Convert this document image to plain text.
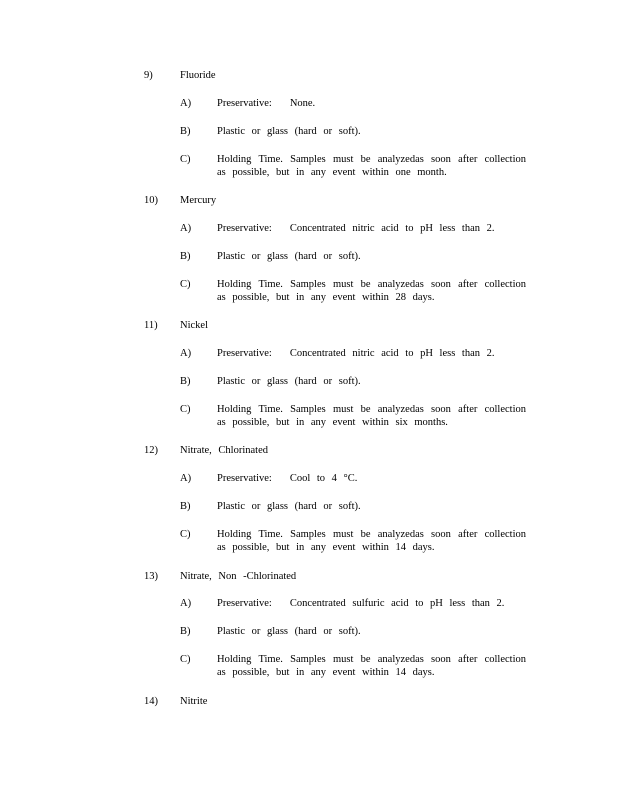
9)	Fluoride
A) Preservative: None.
B)	Plastic or glass (hard or soft).
C)	Holding Time. Samples must be analyzedas soon after collection
as possible, but in any event within one month.
10) Mercury
A) Preservative: Concentrated nitric acid to pH less than 2.
B)	Plastic or glass (hard or soft).
C)	Holding Time. Samples must be analyzedas soon after collection
as possible, but in any event within 28 days.
11) Nickel
A) Preservative: Concentrated nitric acid to pH less than 2.
B)	Plastic or glass (hard or soft).
C)	Holding Time. Samples must be analyzedas soon after collection
as possible, but in any event within six months.
12) Nitrate, Chlorinated
A) Preservative: Cool to 4 °C.
B)	Plastic or glass (hard or soft).
C)	Holding Time. Samples must be analyzedas soon after collection
as possible, but in any event within 14 days.
13) Nitrate, Non -Chlorinated
A) Preservative: Concentrated sulfuric acid to pH less than 2.
B)	Plastic or glass (hard or soft).
C)	Holding Time. Samples must be analyzedas soon after collection
as possible, but in any event within 14 days.
14) Nitrite
